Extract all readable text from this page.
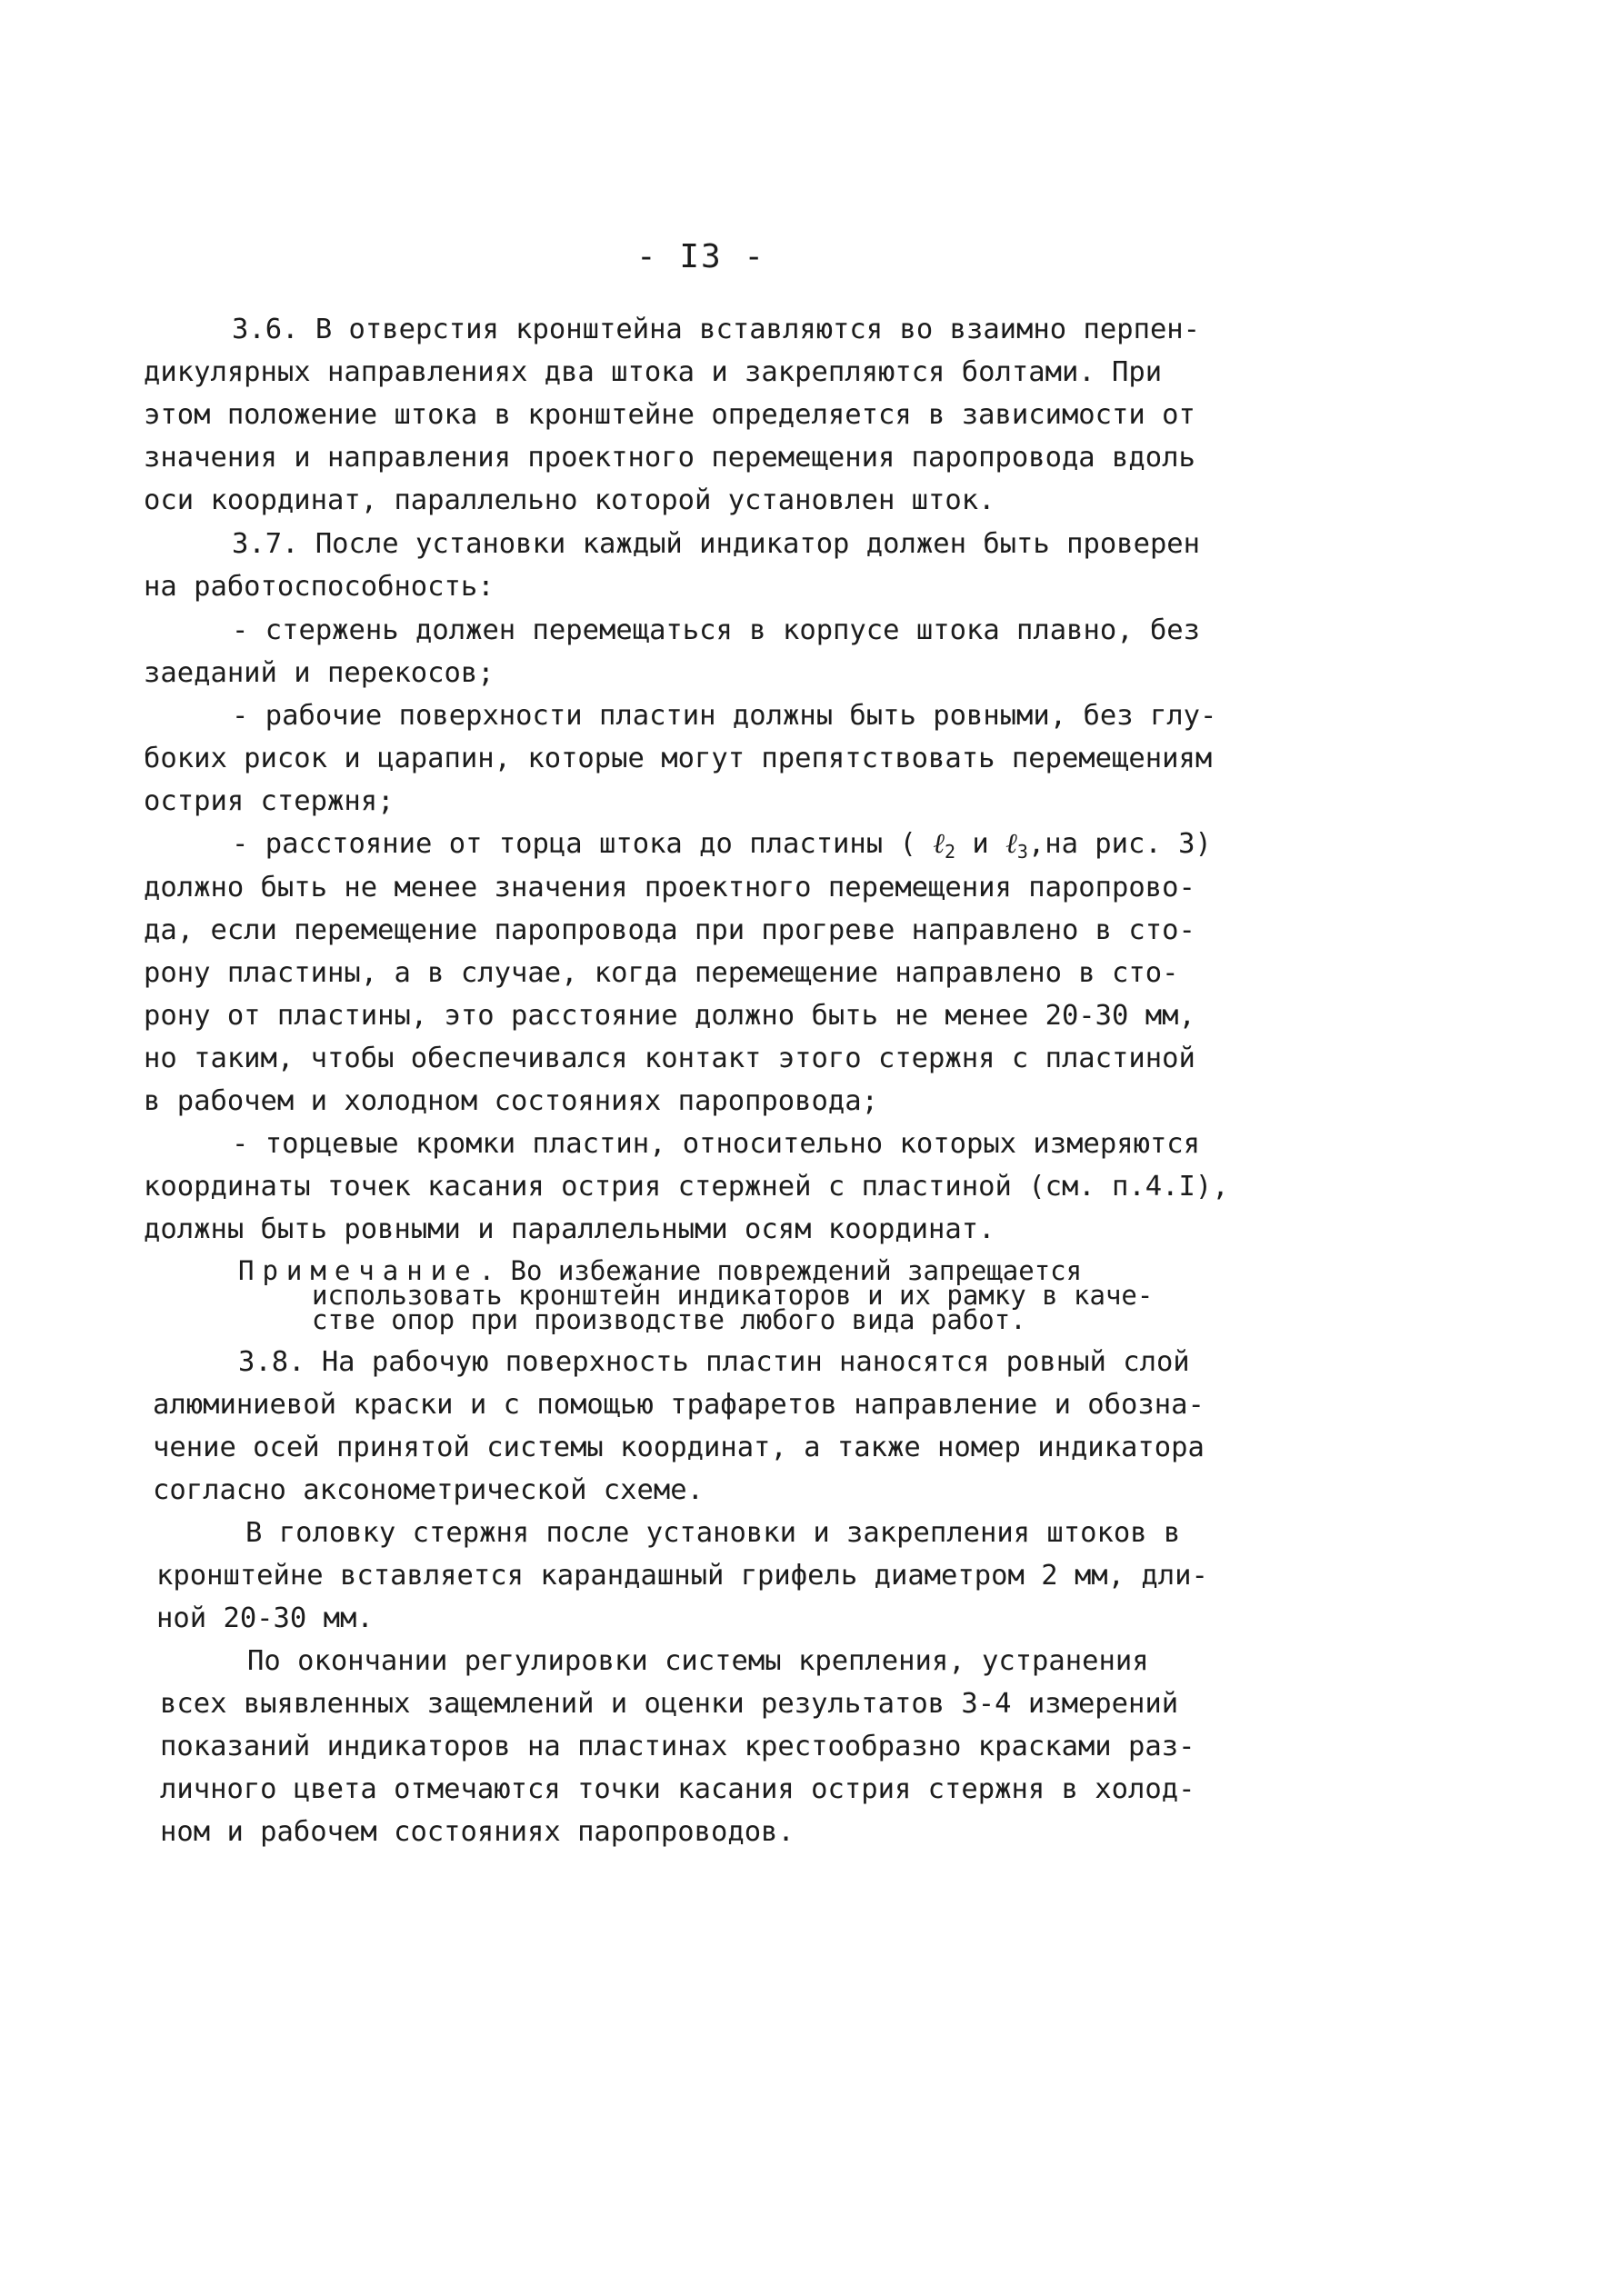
- I3 -
3.6. В отверстия кронштейна вставляются во взаимно перпен-
дикулярных направлениях два штока и закрепляются болтами. При
этом положение штока в кронштейне определяется в зависимости от
значения и направления проектного перемещения паропровода вдоль
оси координат, параллельно которой установлен шток.
3.7. После установки каждый индикатор должен быть проверен
на работоспособность:
- стержень должен перемещаться в корпусе штока плавно, без
заеданий и перекосов;
- рабочие поверхности пластин должны быть ровными, без глу-
боких рисок и царапин, которые могут препятствовать перемещениям
острия стержня;
- расстояние от торца штока до пластины ( ℓ$_2$ и ℓ$_3$,на рис. 3)
должно быть не менее значения проектного перемещения паропрово-
да, если перемещение паропровода при прогреве направлено в сто-
рону пластины, а в случае, когда перемещение направлено в сто-
рону от пластины, это расстояние должно быть не менее 20-30 мм,
но таким, чтобы обеспечивался контакт этого стержня с пластиной
в рабочем и холодном состояниях паропровода;
- торцевые кромки пластин, относительно которых измеряются
координаты точек касания острия стержней с пластиной (см. п.4.I),
должны быть ровными и параллельными осям координат.
Примечание. Во избежание повреждений запрещается
использовать кронштейн индикаторов и их рамку в каче-
стве опор при производстве любого вида работ.
3.8. На рабочую поверхность пластин наносятся ровный слой
алюминиевой краски и с помощью трафаретов направление и обозна-
чение осей принятой системы координат, а также номер индикатора
согласно аксонометрической схеме.
В головку стержня после установки и закрепления штоков в
кронштейне вставляется карандашный грифель диаметром 2 мм, дли-
ной 20-30 мм.
По окончании регулировки системы крепления, устранения
всех выявленных защемлений и оценки результатов 3-4 измерений
показаний индикаторов на пластинах крестообразно красками раз-
личного цвета отмечаются точки касания острия стержня в холод-
ном и рабочем состояниях паропроводов.
